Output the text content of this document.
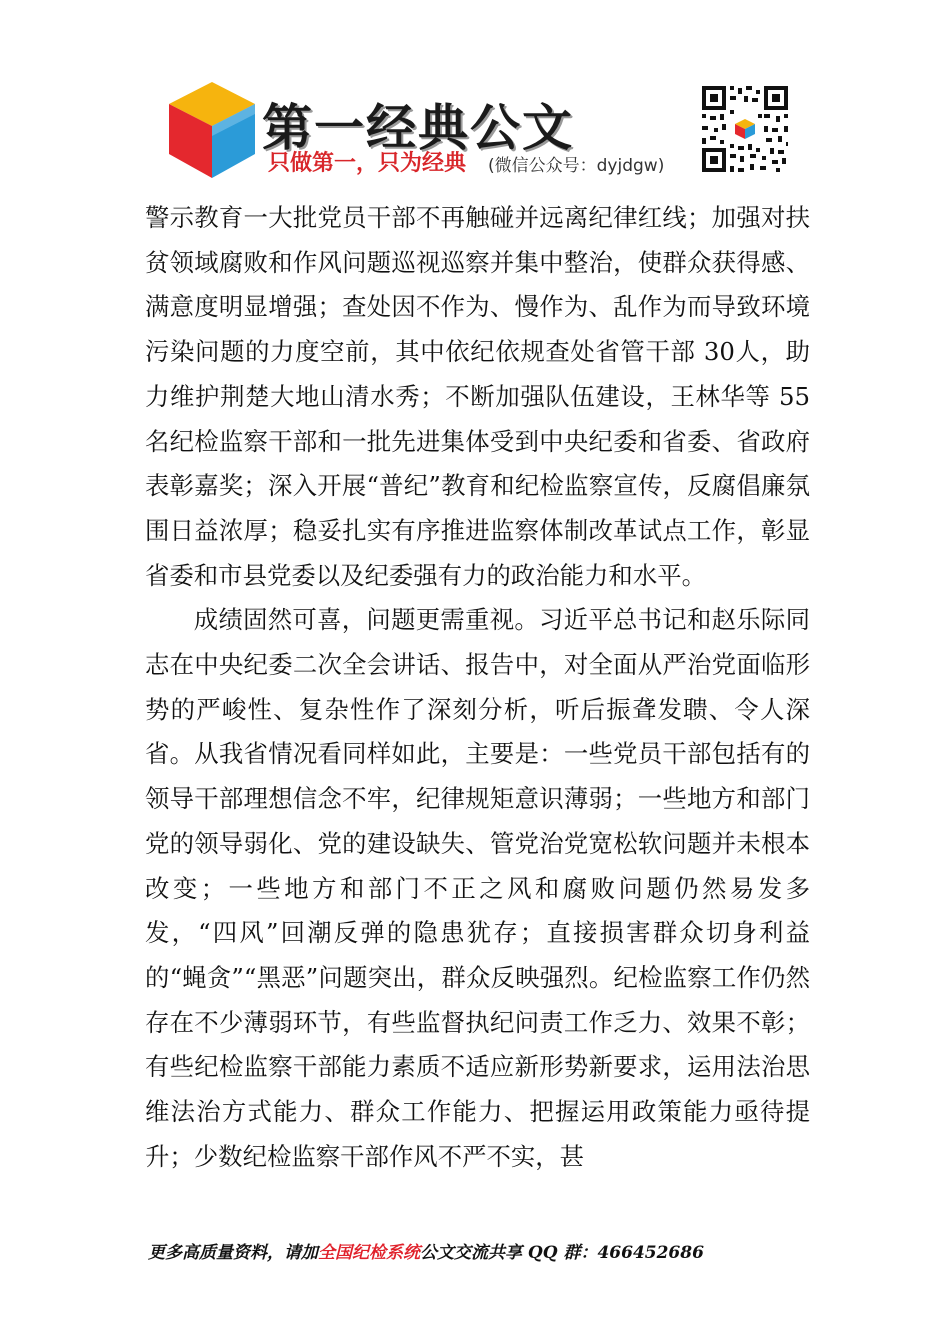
第一经典公文
只做第一，只为经典 (微信公众号：dyjdgw)

警示教育一大批党员干部不再触碰并远离纪律红线；加强对扶贫领域腐败和作风问题巡视巡察并集中整治，使群众获得感、满意度明显增强；查处因不作为、慢作为、乱作为而导致环境污染问题的力度空前，其中依纪依规查处省管干部 30人，助力维护荆楚大地山清水秀；不断加强队伍建设，王林华等 55 名纪检监察干部和一批先进集体受到中央纪委和省委、省政府表彰嘉奖；深入开展“普纪”教育和纪检监察宣传，反腐倡廉氛围日益浓厚；稳妥扎实有序推进监察体制改革试点工作，彰显省委和市县党委以及纪委强有力的政治能力和水平。

成绩固然可喜，问题更需重视。习近平总书记和赵乐际同志在中央纪委二次全会讲话、报告中，对全面从严治党面临形势的严峻性、复杂性作了深刻分析，听后振聋发聩、令人深省。从我省情况看同样如此，主要是：一些党员干部包括有的领导干部理想信念不牢，纪律规矩意识薄弱；一些地方和部门党的领导弱化、党的建设缺失、管党治党宽松软问题并未根本改变；一些地方和部门不正之风和腐败问题仍然易发多发，“四风”回潮反弹的隐患犹存；直接损害群众切身利益的“蝇贪”“黑恶”问题突出，群众反映强烈。纪检监察工作仍然存在不少薄弱环节，有些监督执纪问责工作乏力、效果不彰；有些纪检监察干部能力素质不适应新形势新要求，运用法治思维法治方式能力、群众工作能力、把握运用政策能力亟待提升；少数纪检监察干部作风不严不实，甚

更多高质量资料，请加全国纪检系统公文交流共享 QQ 群：466452686
